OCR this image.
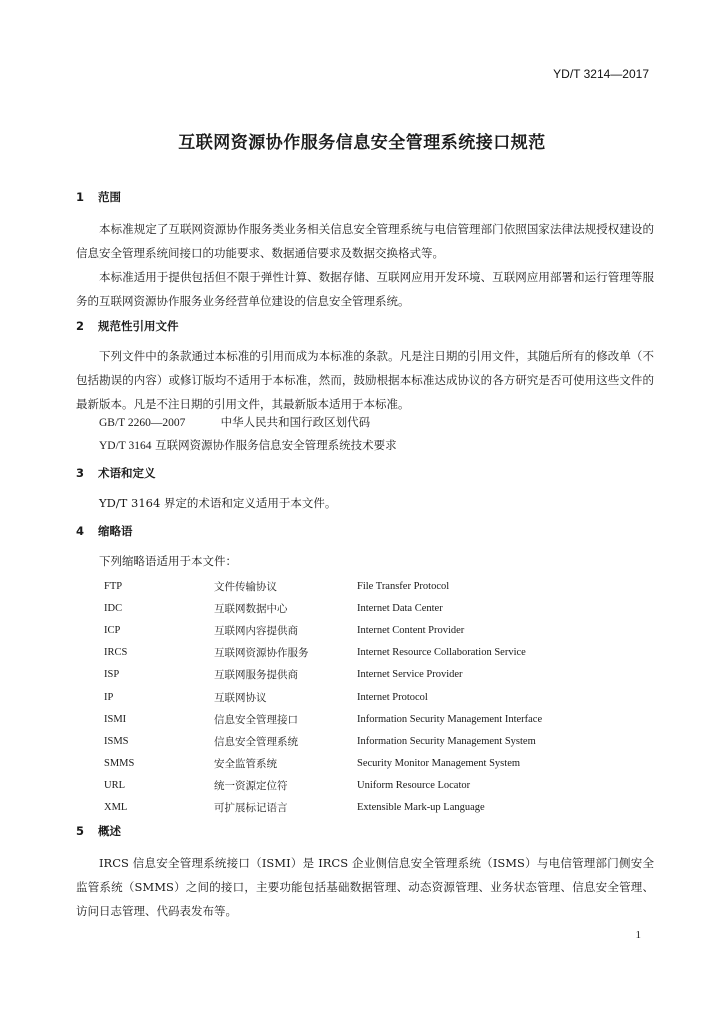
YD/T 3214—2017
互联网资源协作服务信息安全管理系统接口规范
1 范围

本标准规定了互联网资源协作服务类业务相关信息安全管理系统与电信管理部门依照国家法律法规授权建设的信息安全管理系统间接口的功能要求、数据通信要求及数据交换格式等。

本标准适用于提供包括但不限于弹性计算、数据存储、互联网应用开发环境、互联网应用部署和运行管理等服务的互联网资源协作服务业务经营单位建设的信息安全管理系统。

2 规范性引用文件

下列文件中的条款通过本标准的引用而成为本标准的条款。凡是注日期的引用文件，其随后所有的修改单（不包括勘误的内容）或修订版均不适用于本标准，然而，鼓励根据本标准达成协议的各方研究是否可使用这些文件的最新版本。凡是不注日期的引用文件，其最新版本适用于本标准。

GB/T 2260—2007	中华人民共和国行政区划代码
YD/T 3164 互联网资源协作服务信息安全管理系统技术要求
3 术语和定义

YD/T 3164 界定的术语和定义适用于本文件。

4 缩略语
下列缩略语适用于本文件：
FTP	文件传输协议	File Transfer Protocol
IDC	互联网数据中心	Internet Data Center
ICP	互联网内容提供商	Internet Content Provider
IRCS	互联网资源协作服务	Internet Resource Collaboration Service
ISP	互联网服务提供商	Internet Service Provider
IP	互联网协议	Internet Protocol
ISMI	信息安全管理接口	Information Security Management Interface
ISMS	信息安全管理系统	Information Security Management System
SMMS	安全监管系统	Security Monitor Management System
URL	统一资源定位符	Uniform Resource Locator
XML	可扩展标记语言	Extensible Mark-up Language
5 概述

IRCS 信息安全管理系统接口（ISMI）是 IRCS 企业侧信息安全管理系统（ISMS）与电信管理部门侧安全监管系统（SMMS）之间的接口，主要功能包括基础数据管理、动态资源管理、业务状态管理、信息安全管理、访问日志管理、代码表发布等。

1
